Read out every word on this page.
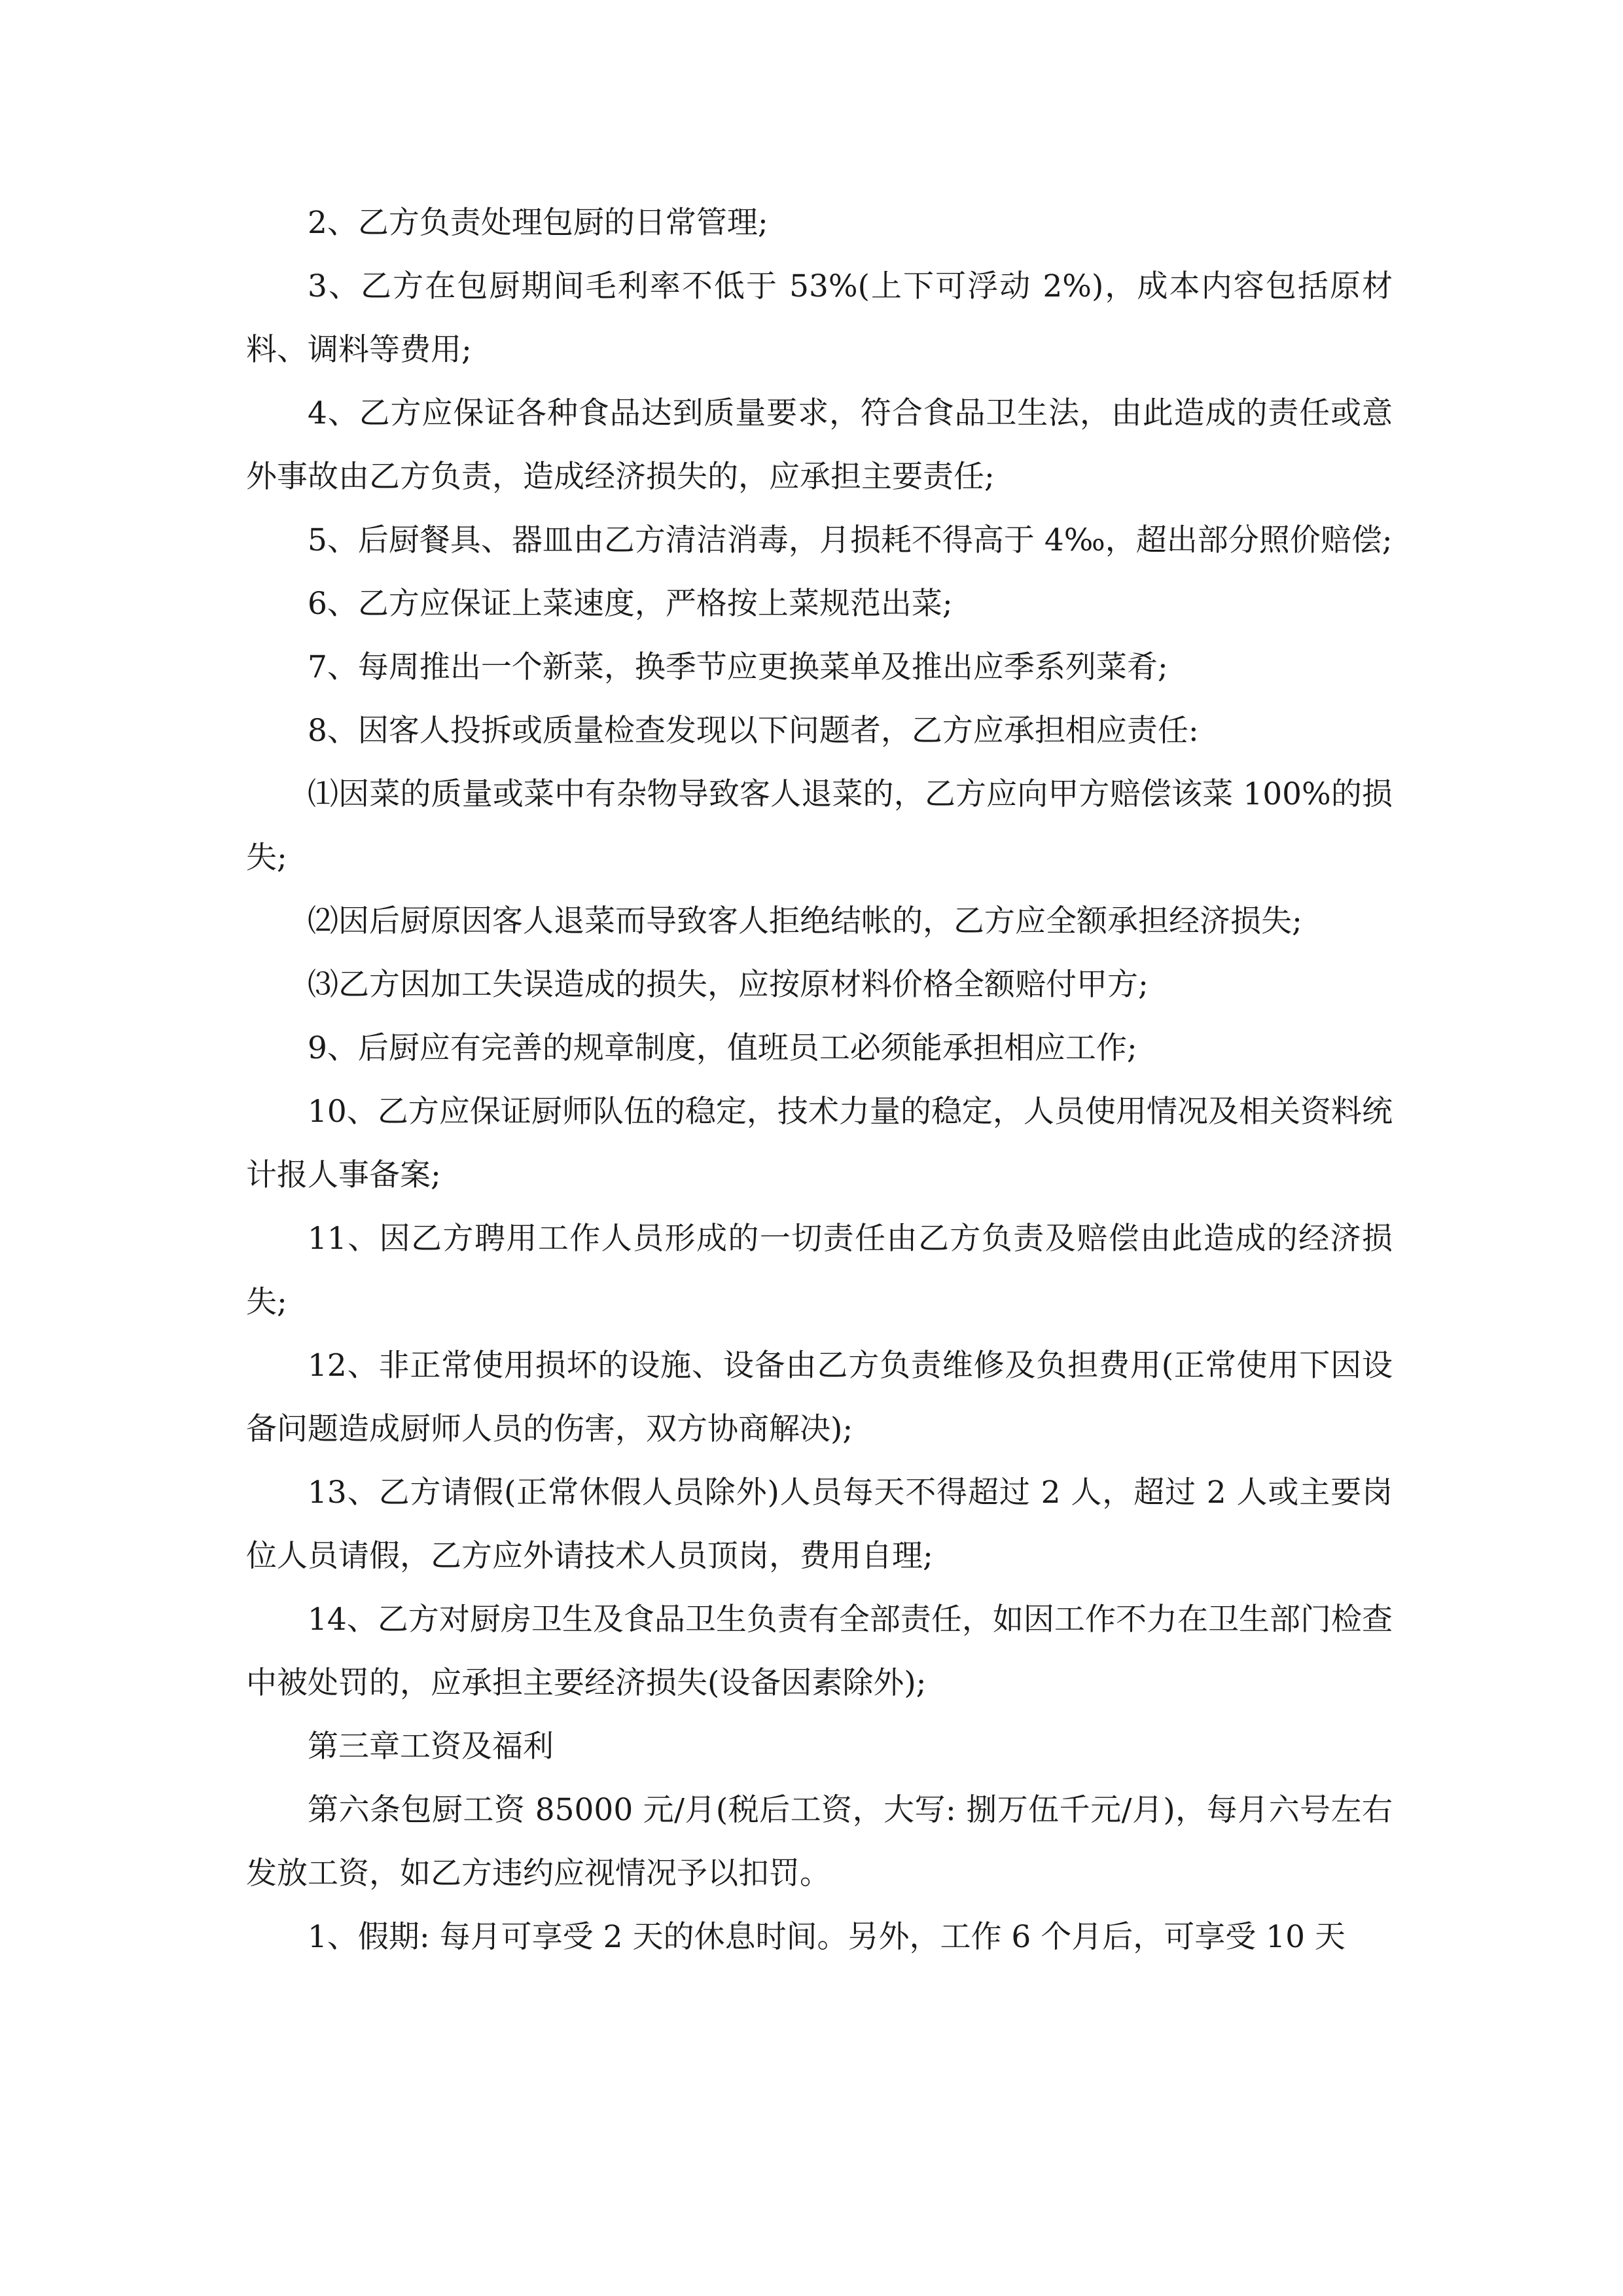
2、乙方负责处理包厨的日常管理;

3、乙方在包厨期间毛利率不低于 53%(上下可浮动 2%)，成本内容包括原材料、调料等费用;

4、乙方应保证各种食品达到质量要求，符合食品卫生法，由此造成的责任或意外事故由乙方负责，造成经济损失的，应承担主要责任;

5、后厨餐具、器皿由乙方清洁消毒，月损耗不得高于 4‰，超出部分照价赔偿;

6、乙方应保证上菜速度，严格按上菜规范出菜;

7、每周推出一个新菜，换季节应更换菜单及推出应季系列菜肴;

8、因客人投拆或质量检查发现以下问题者，乙方应承担相应责任:

⑴因菜的质量或菜中有杂物导致客人退菜的，乙方应向甲方赔偿该菜 100%的损失;

⑵因后厨原因客人退菜而导致客人拒绝结帐的，乙方应全额承担经济损失;

⑶乙方因加工失误造成的损失，应按原材料价格全额赔付甲方;

9、后厨应有完善的规章制度，值班员工必须能承担相应工作;

10、乙方应保证厨师队伍的稳定，技术力量的稳定，人员使用情况及相关资料统计报人事备案;

11、因乙方聘用工作人员形成的一切责任由乙方负责及赔偿由此造成的经济损失;

12、非正常使用损坏的设施、设备由乙方负责维修及负担费用(正常使用下因设备问题造成厨师人员的伤害，双方协商解决);

13、乙方请假(正常休假人员除外)人员每天不得超过 2 人，超过 2 人或主要岗位人员请假，乙方应外请技术人员顶岗，费用自理;

14、乙方对厨房卫生及食品卫生负责有全部责任，如因工作不力在卫生部门检查中被处罚的，应承担主要经济损失(设备因素除外);

第三章工资及福利

第六条包厨工资 85000 元/月(税后工资，大写: 捌万伍千元/月)，每月六号左右发放工资，如乙方违约应视情况予以扣罚。

1、假期: 每月可享受 2 天的休息时间。另外，工作 6 个月后，可享受 10 天
